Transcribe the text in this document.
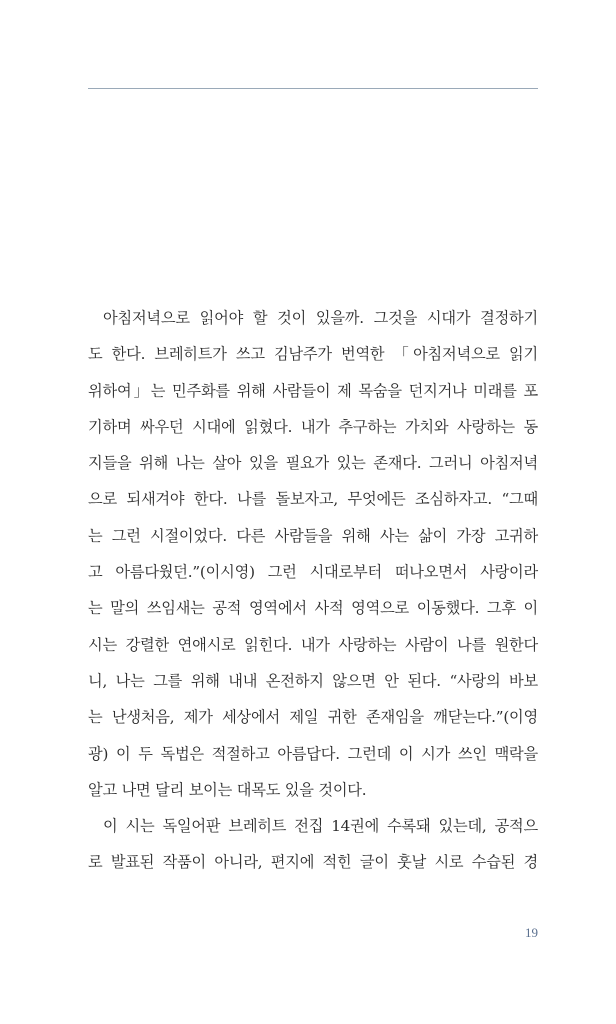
아침저녁으로 읽어야 할 것이 있을까. 그것을 시대가 결정하기
도 한다. 브레히트가 쓰고 김남주가 번역한 「아침저녁으로 읽기
위하여」는 민주화를 위해 사람들이 제 목숨을 던지거나 미래를 포
기하며 싸우던 시대에 읽혔다. 내가 추구하는 가치와 사랑하는 동
지들을 위해 나는 살아 있을 필요가 있는 존재다. 그러니 아침저녁
으로 되새겨야 한다. 나를 돌보자고, 무엇에든 조심하자고. “그때
는 그런 시절이었다. 다른 사람들을 위해 사는 삶이 가장 고귀하
고 아름다웠던.”(이시영) 그런 시대로부터 떠나오면서 사랑이라
는 말의 쓰임새는 공적 영역에서 사적 영역으로 이동했다. 그후 이
시는 강렬한 연애시로 읽힌다. 내가 사랑하는 사람이 나를 원한다
니, 나는 그를 위해 내내 온전하지 않으면 안 된다. “사랑의 바보
는 난생처음, 제가 세상에서 제일 귀한 존재임을 깨닫는다.”(이영
광) 이 두 독법은 적절하고 아름답다. 그런데 이 시가 쓰인 맥락을
알고 나면 달리 보이는 대목도 있을 것이다.
이 시는 독일어판 브레히트 전집 14권에 수록돼 있는데, 공적으
로 발표된 작품이 아니라, 편지에 적힌 글이 훗날 시로 수습된 경
19
